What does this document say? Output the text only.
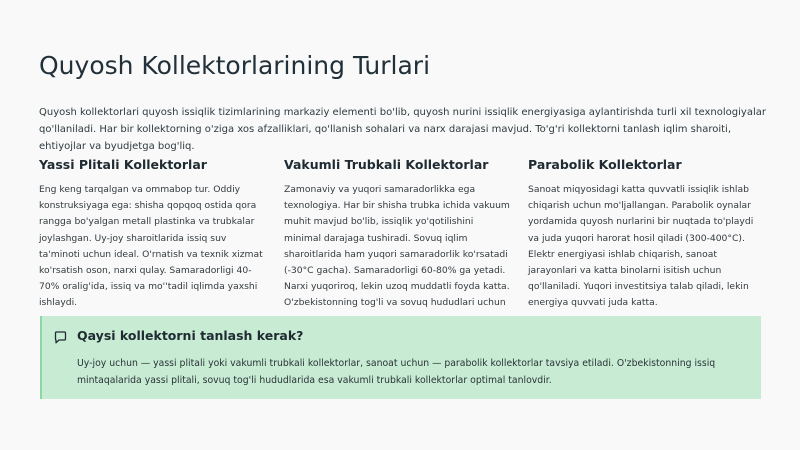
Quyosh Kollektorlarining Turlari

Quyosh kollektorlari quyosh issiqlik tizimlarining markaziy elementi bo'lib, quyosh nurini issiqlik energiyasiga aylantirishda turli xil texnologiyalar qo'llaniladi. Har bir kollektorning o'ziga xos afzalliklari, qo'llanish sohalari va narx darajasi mavjud. To'g'ri kollektorni tanlash iqlim sharoiti, ehtiyojlar va byudjetga bog'liq.

Yassi Plitali Kollektorlar

Eng keng tarqalgan va ommabop tur. Oddiy konstruksiyaga ega: shisha qopqoq ostida qora rangga bo'yalgan metall plastinka va trubkalar joylashgan. Uy-joy sharoitlarida issiq suv ta'minoti uchun ideal. O'rnatish va texnik xizmat ko'rsatish oson, narxi qulay. Samaradorligi 40-70% oralig'ida, issiq va mo''tadil iqlimda yaxshi ishlaydi.

Vakumli Trubkali Kollektorlar

Zamonaviy va yuqori samaradorlikka ega texnologiya. Har bir shisha trubka ichida vakuum muhit mavjud bo'lib, issiqlik yo'qotilishini minimal darajaga tushiradi. Sovuq iqlim sharoitlarida ham yuqori samaradorlik ko'rsatadi (-30°C gacha). Samaradorligi 60-80% ga yetadi. Narxi yuqoriroq, lekin uzoq muddatli foyda katta. O'zbekistonning tog'li va sovuq hududlari uchun

Parabolik Kollektorlar

Sanoat miqyosidagi katta quvvatli issiqlik ishlab chiqarish uchun mo'ljallangan. Parabolik oynalar yordamida quyosh nurlarini bir nuqtada to'playdi va juda yuqori harorat hosil qiladi (300-400°C). Elektr energiyasi ishlab chiqarish, sanoat jarayonlari va katta binolarni isitish uchun qo'llaniladi. Yuqori investitsiya talab qiladi, lekin energiya quvvati juda katta.

Qaysi kollektorni tanlash kerak?

Uy-joy uchun — yassi plitali yoki vakumli trubkali kollektorlar, sanoat uchun — parabolik kollektorlar tavsiya etiladi. O'zbekistonning issiq mintaqalarida yassi plitali, sovuq tog'li hududlarida esa vakumli trubkali kollektorlar optimal tanlovdir.
